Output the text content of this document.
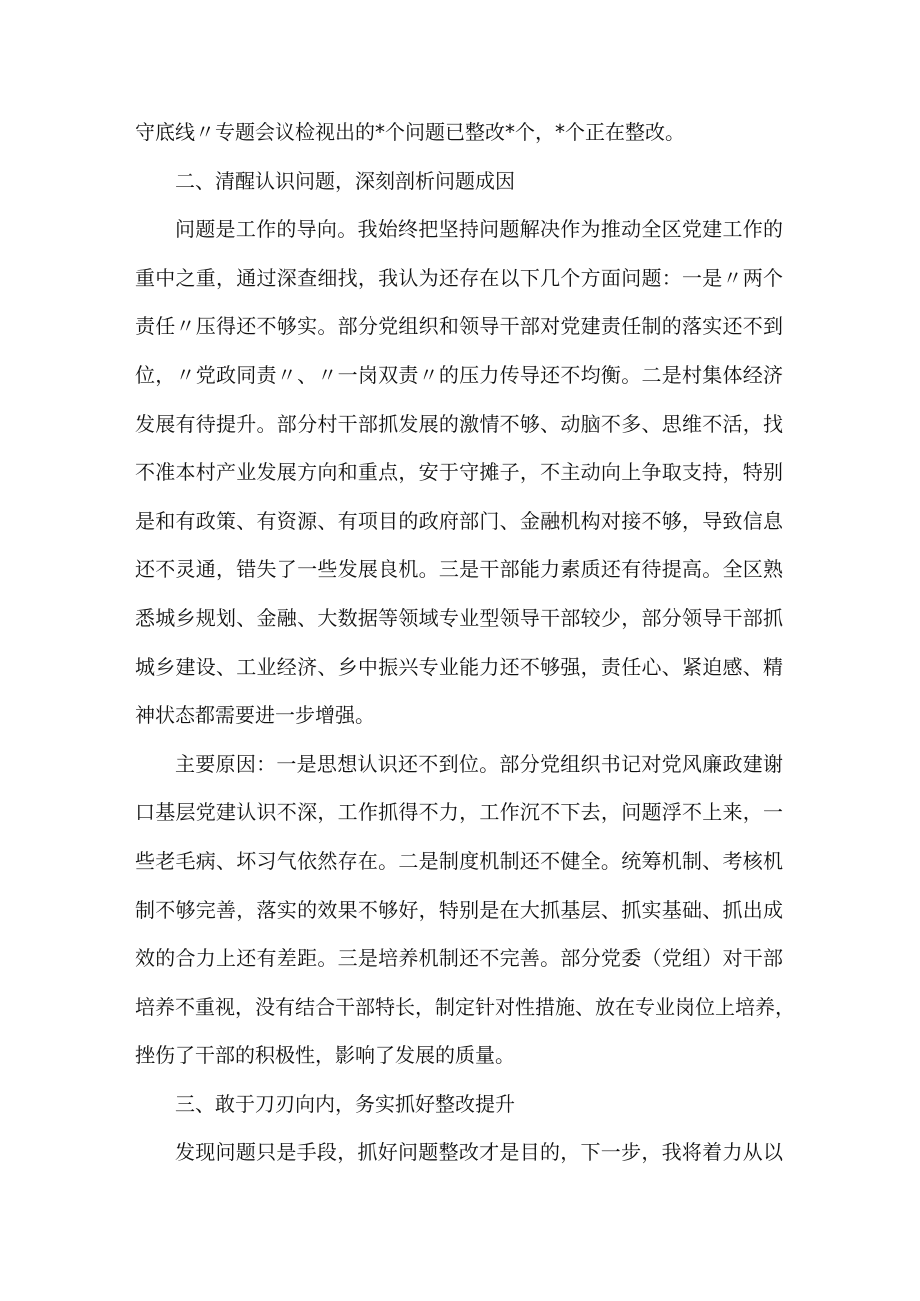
守底线〃专题会议检视出的*个问题已整改*个，*个正在整改。

二、清醒认识问题，深刻剖析问题成因

问题是工作的导向。我始终把坚持问题解决作为推动全区党建工作的

重中之重，通过深查细找，我认为还存在以下几个方面问题：一是〃两个

责任〃压得还不够实。部分党组织和领导干部对党建责任制的落实还不到

位，〃党政同责〃、〃一岗双责〃的压力传导还不均衡。二是村集体经济

发展有待提升。部分村干部抓发展的激情不够、动脑不多、思维不活，找

不准本村产业发展方向和重点，安于守摊子，不主动向上争取支持，特别

是和有政策、有资源、有项目的政府部门、金融机构对接不够，导致信息

还不灵通，错失了一些发展良机。三是干部能力素质还有待提高。全区熟

悉城乡规划、金融、大数据等领域专业型领导干部较少，部分领导干部抓

城乡建设、工业经济、乡中振兴专业能力还不够强，责任心、紧迫感、精

神状态都需要进一步增强。

主要原因：一是思想认识还不到位。部分党组织书记对党风廉政建谢

口基层党建认识不深，工作抓得不力，工作沉不下去，问题浮不上来，一

些老毛病、坏习气依然存在。二是制度机制还不健全。统筹机制、考核机

制不够完善，落实的效果不够好，特别是在大抓基层、抓实基础、抓出成

效的合力上还有差距。三是培养机制还不完善。部分党委（党组）对干部

培养不重视，没有结合干部特长，制定针对性措施、放在专业岗位上培养，

挫伤了干部的积极性，影响了发展的质量。

三、敢于刀刃向内，务实抓好整改提升

发现问题只是手段，抓好问题整改才是目的，下一步，我将着力从以
